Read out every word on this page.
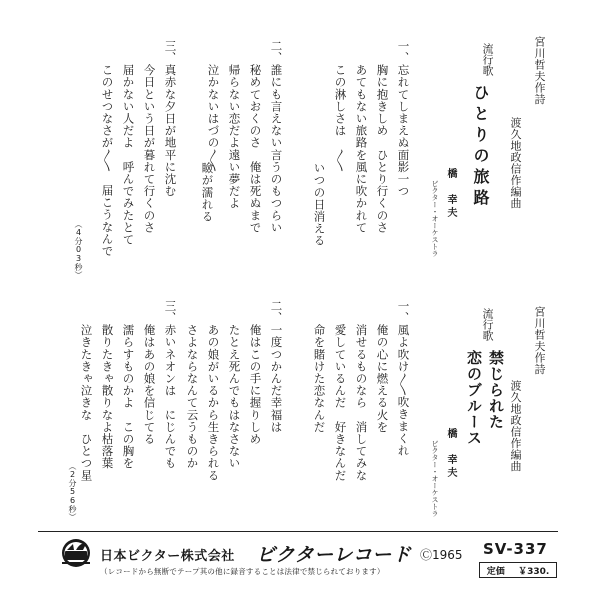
宮川哲夫作詩

渡久地政信作編曲

流行歌

ひとりの旅路

橋　幸夫

ビクター・オーケストラ

一、

忘れてしまえぬ面影一つ

胸に抱きしめ　ひとり行くのさ

あてもない旅路を風に吹かれて

この淋しさは　〳〵

いつの日消える

二、

誰にも言えない言うのもつらい

秘めておくのさ　俺は死ぬまで

帰らない恋だよ遠い夢だよ

泣かないはづの〳〵

瞼が濡れる

三、

真赤な夕日が地平に沈む

今日という日が暮れて行くのさ

届かない人だよ　呼んでみたとて

このせつなさが〳〵　届こうなんで

（4分03秒）

宮川哲夫作詩

渡久地政信作編曲

流行歌

禁じられた

恋のブルース

橋　幸夫

ビクター・オーケストラ

一、

風よ吹け〳〵吹きまくれ

俺の心に燃える火を

消せるものなら　消してみな

愛しているんだ　好きなんだ

命を賭けた恋なんだ

二、

一度つかんだ幸福は

俺はこの手に握りしめ

たとえ死んでもはなさない

あの娘がいるから生きられる

さよならなんて云うものか

三、

赤いネオンは　にじんでも

俺はあの娘を信じてる

濡らすものかよ　この胸を

散りたきゃ散りなよ枯落葉

泣きたきゃ泣きな　ひとつ星

（2分56秒）

日本ビクター株式会社 ビクターレコード Ⓒ1965 SV-337
定価 ￥330.
（レコードから無断でテープ其の他に録音することは法律で禁じられております）
